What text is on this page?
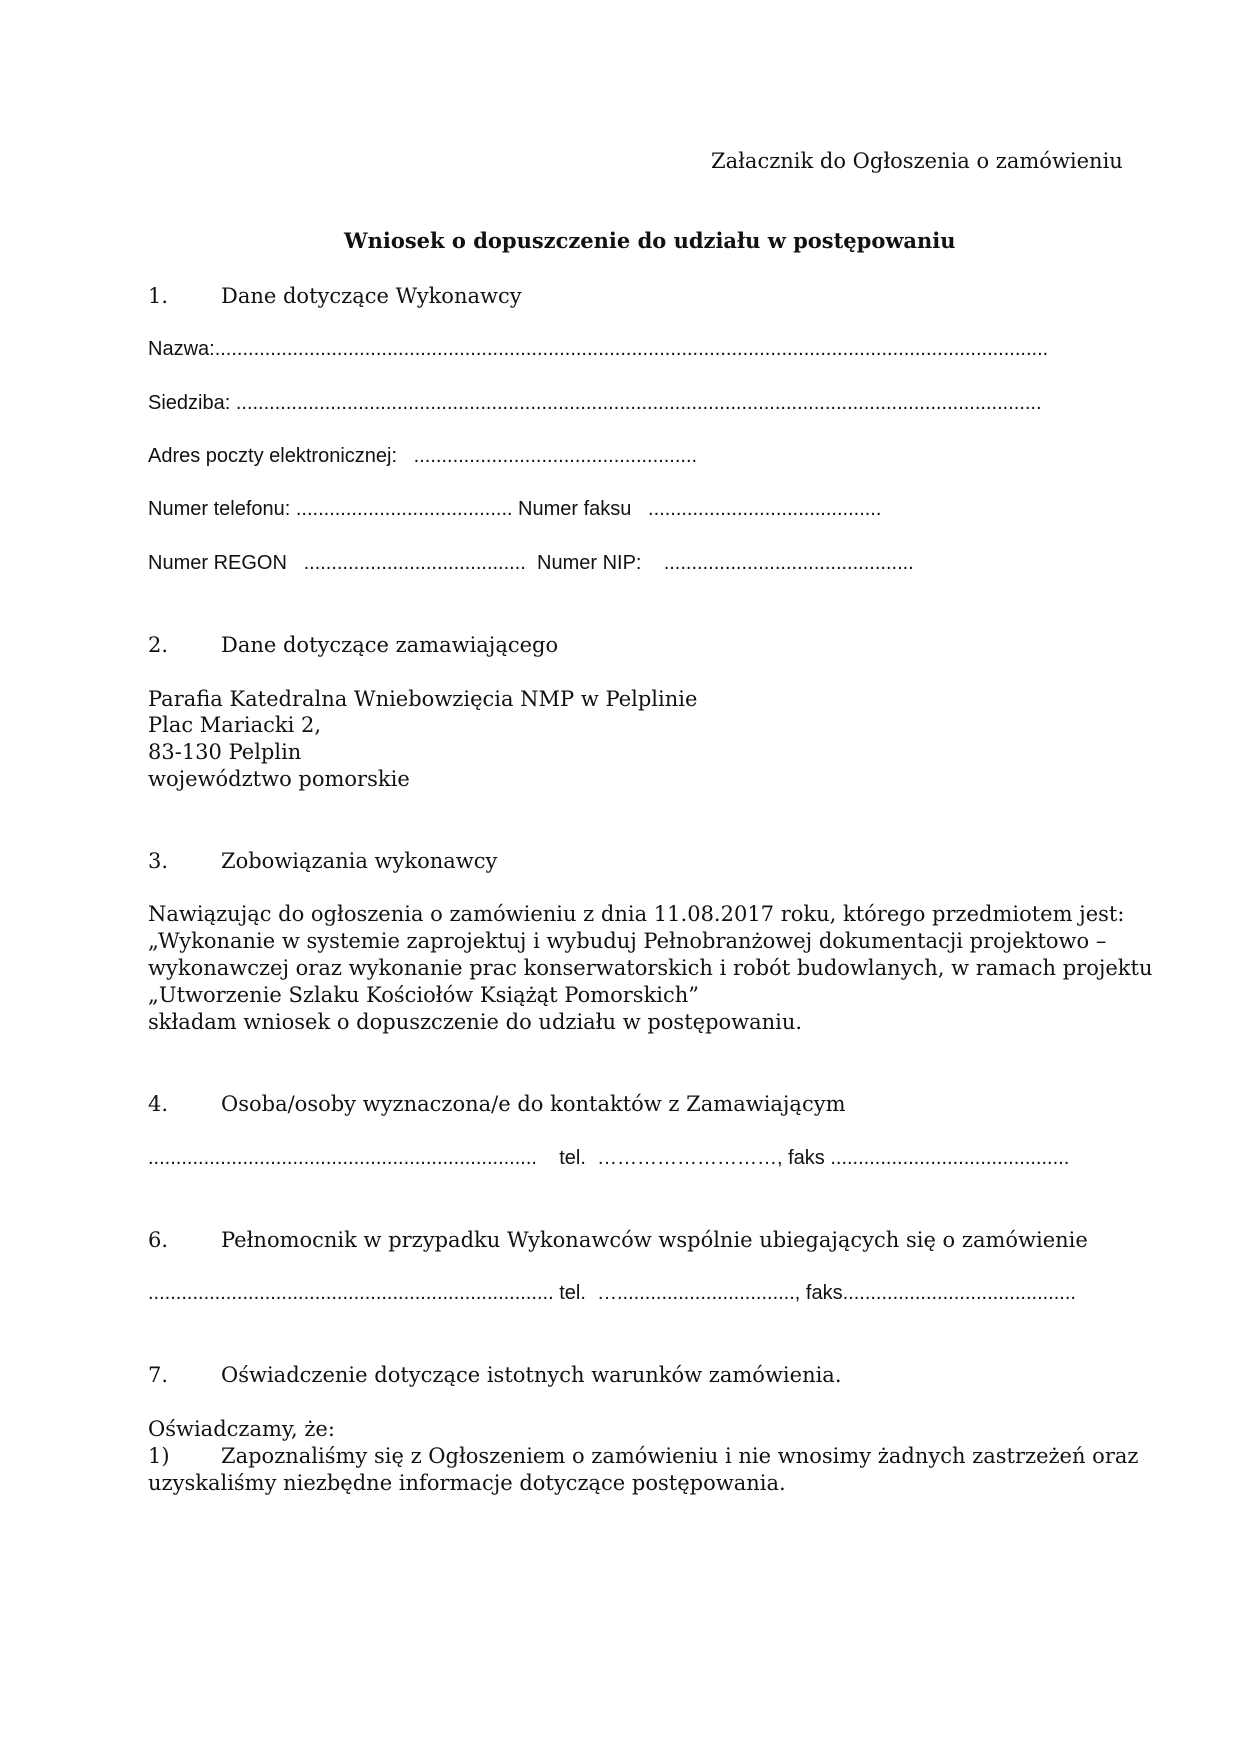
Załacznik do Ogłoszenia o zamówieniu
Wniosek o dopuszczenie do udziału w postępowaniu
1.	Dane dotyczące Wykonawcy
Nazwa:......................................................................................................................................................
Siedziba: .................................................................................................................................................
Adres poczty elektronicznej:   ...................................................
Numer telefonu: ....................................... Numer faksu   ..........................................
Numer REGON   ........................................ Numer NIP:    .............................................
2.	Dane dotyczące zamawiającego
Parafia Katedralna Wniebowzięcia NMP w Pelplinie
Plac Mariacki 2,
83-130 Pelplin
województwo pomorskie
3.	Zobowiązania wykonawcy
Nawiązując do ogłoszenia o zamówieniu z dnia 11.08.2017 roku, którego przedmiotem jest:
„Wykonanie w systemie zaprojektuj i wybuduj Pełnobranżowej dokumentacji projektowo –
wykonawczej oraz wykonanie prac konserwatorskich i robót budowlanych, w ramach projektu
„Utworzenie Szlaku Kościołów Książąt Pomorskich”
składam wniosek o dopuszczenie do udziału w postępowaniu.
4.	Osoba/osoby wyznaczona/e do kontaktów z Zamawiającym
......................................................................    tel.  ………………………, faks ...........................................
6.	Pełnomocnik w przypadku Wykonawców wspólnie ubiegających się o zamówienie
......................................................................... tel.  …................................, faks..........................................
7.	Oświadczenie dotyczące istotnych warunków zamówienia.
Oświadczamy, że:
1) Zapoznaliśmy się z Ogłoszeniem o zamówieniu i nie wnosimy żadnych zastrzeżeń oraz
uzyskaliśmy niezbędne informacje dotyczące postępowania.
